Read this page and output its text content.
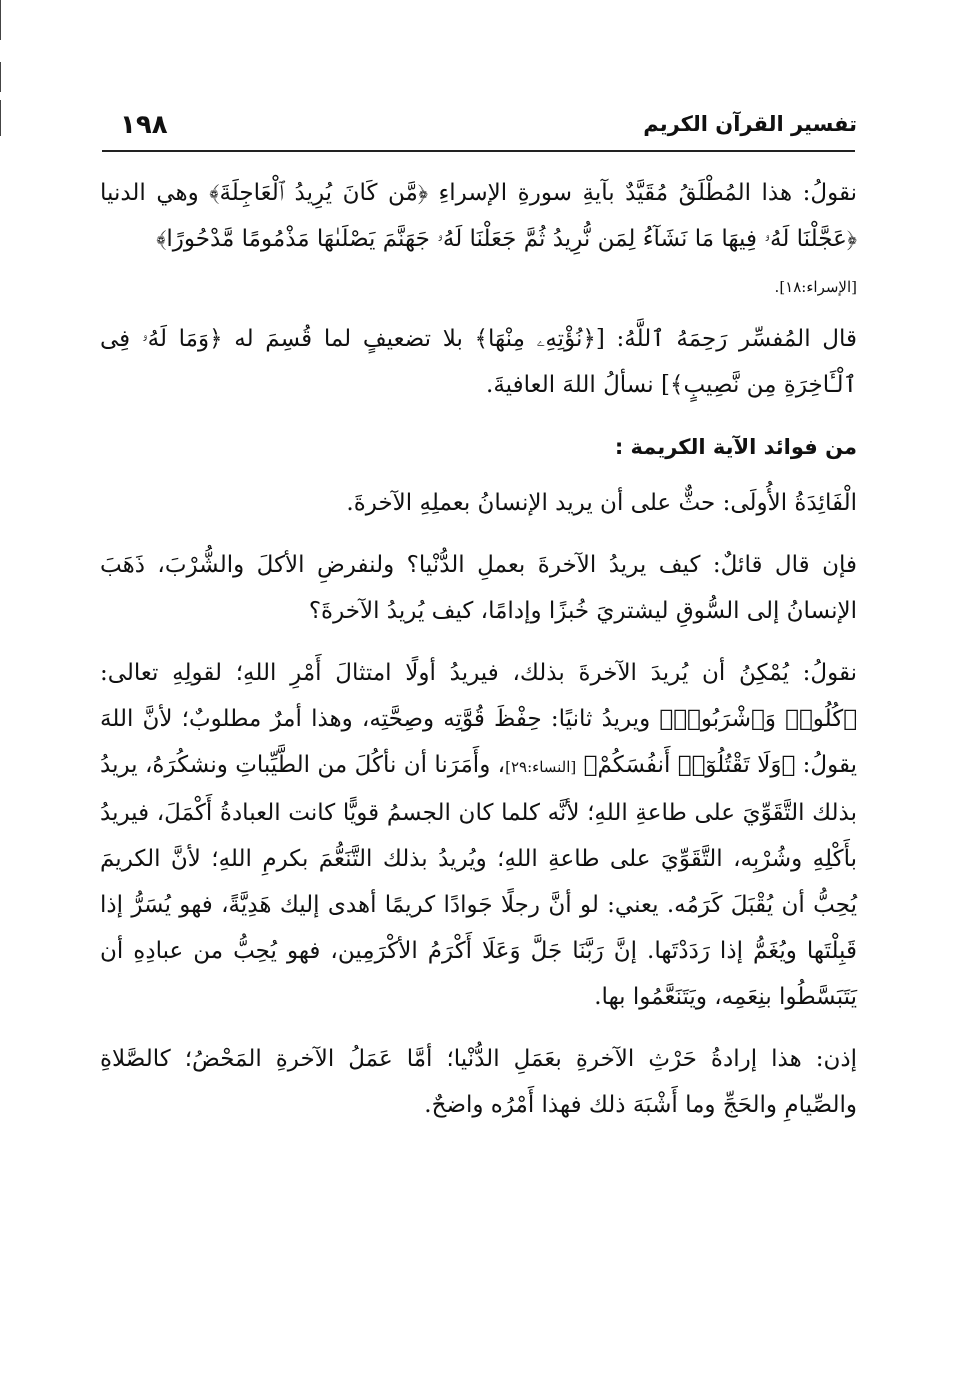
تفسير القرآن الكريم
١٩٨
نقولُ: هذا المُطْلَقُ مُقَيَّدٌ بآيةِ سورةِ الإسراءِ ﴿مَّن كَانَ يُرِيدُ ٱلْعَاجِلَةَ﴾ وهي الدنيا ﴿عَجَّلْنَا لَهُۥ فِيهَا مَا نَشَآءُ لِمَن نُّرِيدُ ثُمَّ جَعَلْنَا لَهُۥ جَهَنَّمَ يَصْلَىٰهَا مَذْمُومًا مَّدْحُورًا﴾
[الإسراء:١٨].
قال المُفسِّر رَحِمَهُ ٱللَّهُ: [﴿نُؤْتِهِۦ مِنْهَا﴾ بلا تضعيفٍ لما قُسِمَ له ﴿وَمَا لَهُۥ فِى ٱلْـَٔاخِرَةِ مِن نَّصِيبٍ﴾] نسألُ اللهَ العافيةَ.
من فوائد الآية الكريمة :
الْفَائِدَةُ الأُولَى: حثٌّ على أن يريد الإنسانُ بعملِهِ الآخرةَ.
فإن قال قائلٌ: كيف يريدُ الآخرةَ بعملِ الدُّنْيا؟ ولنفرضِ الأكلَ والشُّرْبَ، ذَهَبَ الإنسانُ إلى السُّوقِ ليشتريَ خُبزًا وإدامًا، كيف يُريدُ الآخرةَ؟
نقولُ: يُمْكِنُ أن يُريدَ الآخرةَ بذلك، فيريدُ أولًا امتثالَ أَمْرِ اللهِ؛ لقولِهِ تعالى: ﴿كُلُوا۟ وَٱشْرَبُوا۟﴾ ويريدُ ثانيًا: حِفْظَ قُوَّتِه وصِحَّتِه، وهذا أمرٌ مطلوبٌ؛ لأنَّ اللهَ يقولُ: ﴿وَلَا تَقْتُلُوٓا۟ أَنفُسَكُمْ﴾ [النساء:٢٩]، وأَمَرَنا أن نأكُلَ من الطَّيِّباتِ ونشكُرَهُ، يريدُ بذلك التَّقَوِّيَ على طاعةِ اللهِ؛ لأنَّه كلما كان الجسمُ قويًّا كانت العبادةُ أَكْمَلَ، فيريدُ بأَكْلِهِ وشُرْبِه، التَّقَوِّيَ على طاعةِ اللهِ؛ ويُريدُ بذلك التَّنَعُّمَ بكرمِ اللهِ؛ لأنَّ الكريمَ يُحِبُّ أن يُقْبَلَ كَرَمُه. يعني: لو أنَّ رجلًا جَوادًا كريمًا أهدى إليك هَدِيَّةً، فهو يُسَرُّ إذا قَبِلْتَها ويُغَمُّ إذا رَدَدْتَها. إنَّ رَبَّنَا جَلَّ وَعَلَا أَكْرَمُ الأكْرَمِين، فهو يُحِبُّ من عبادِهِ أن يَتَبَسَّطُوا بنِعَمِه، ويَتَنَعَّمُوا بها.
إذن: هذا إرادةُ حَرْثِ الآخرةِ بعَمَلِ الدُّنْيا؛ أمَّا عَمَلُ الآخرةِ المَحْضُ؛ كالصَّلاةِ والصِّيامِ والحَجِّ وما أَشْبَهَ ذلك فهذا أَمْرُه واضحٌ.
